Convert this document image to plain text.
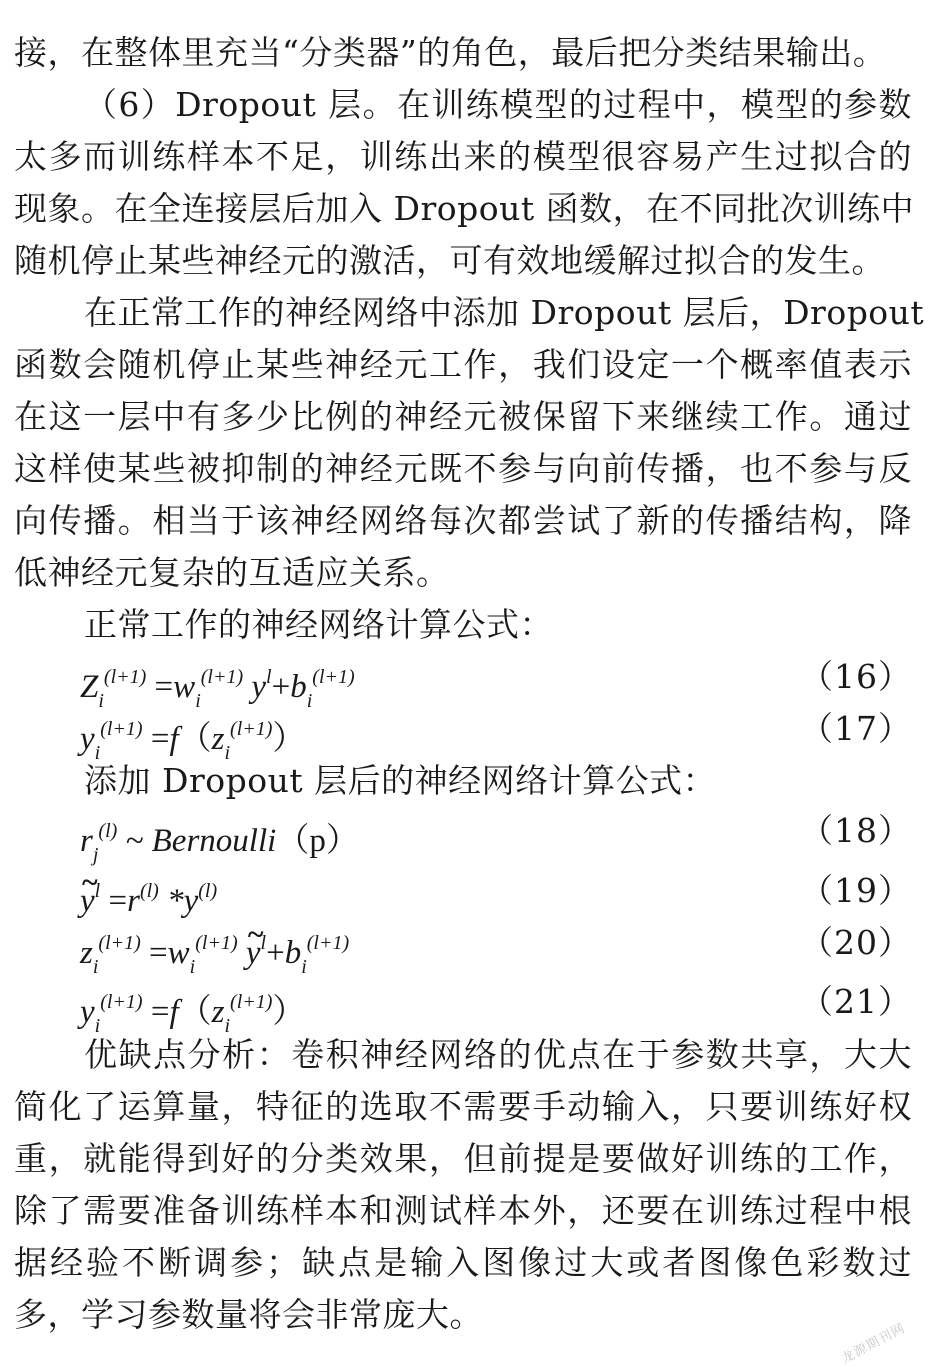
接，在整体里充当“分类器”的角色，最后把分类结果输出。
（6）Dropout 层。在训练模型的过程中，模型的参数
太多而训练样本不足，训练出来的模型很容易产生过拟合的
现象。在全连接层后加入 Dropout 函数，在不同批次训练中
随机停止某些神经元的激活，可有效地缓解过拟合的发生。
在正常工作的神经网络中添加 Dropout 层后，Dropout
函数会随机停止某些神经元工作，我们设定一个概率值表示
在这一层中有多少比例的神经元被保留下来继续工作。通过
这样使某些被抑制的神经元既不参与向前传播，也不参与反
向传播。相当于该神经网络每次都尝试了新的传播结构，降
低神经元复杂的互适应关系。
正常工作的神经网络计算公式：
$Z_i^{(l+1)} =w_i^{(l+1)}$ $y^l+b_i^{(l+1)}$	（16）
$y_i^{(l+1)} =f(z_i^{(l+1)})$	（17）
添加 Dropout 层后的神经网络计算公式：
$r_j^{(l)}$ ~ Bernoulli（p）	（18）
~ $y^l =r^{(l)}$ $*y^{(l)}$	（19）
$z_i^{(l+1)} =w_i^{(l+1)}$ ~ $y^l+b_i^{(l+1)}$	（20）
$y_i^{(l+1)} =f(z_i^{(l+1)})$	（21）
优缺点分析：卷积神经网络的优点在于参数共享，大大
简化了运算量，特征的选取不需要手动输入，只要训练好权
重，就能得到好的分类效果，但前提是要做好训练的工作，
除了需要准备训练样本和测试样本外，还要在训练过程中根
据经验不断调参；缺点是输入图像过大或者图像色彩数过
多，学习参数量将会非常庞大。
龙源期刊网
